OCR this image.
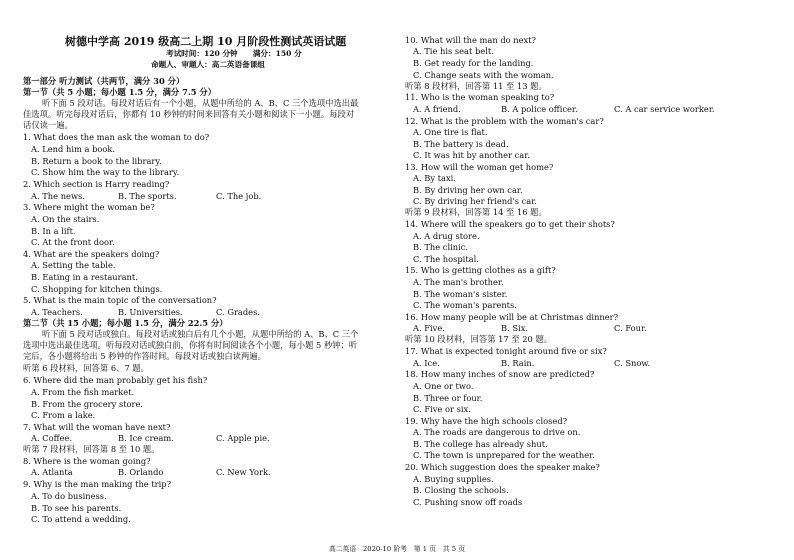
树德中学高 2019 级高二上期 10 月阶段性测试英语试题
考试时间：120 分钟　　满分：150 分
命题人、审题人：高二英语备课组
第一部分 听力测试（共两节，满分 30 分）
第一节（共 5 小题；每小题 1.5 分，满分 7.5 分）
听下面 5 段对话。每段对话后有一个小题，从题中所给的 A、B、C 三个选项中选出最
佳选项。听完每段对话后，你都有 10 秒钟的时间来回答有关小题和阅读下一小题。每段对
话仅读一遍。
1. What does the man ask the woman to do?
A. Lend him a book.
B. Return a book to the library.
C. Show him the way to the library.
2. Which section is Harry reading?
A. The news.	B. The sports.	C. The job.
3. Where might the woman be?
A. On the stairs.
B. In a lift.
C. At the front door.
4. What are the speakers doing?
A. Setting the table.
B. Eating in a restaurant.
C. Shopping for kitchen things.
5. What is the main topic of the conversation?
A. Teachers.	B. Universities.	C. Grades.
第二节（共 15 小题；每小题 1.5 分，满分 22.5 分）
听下面 5 段对话或独白。每段对话或独白后有几个小题，从题中所给的 A、B、C 三个
选项中选出最佳选项。听每段对话或独白前，你将有时间阅读各个小题，每小题 5 秒钟；听
完后，各小题将给出 5 秒钟的作答时间。每段对话或独白读两遍。
听第 6 段材料，回答第 6、7 题。
6. Where did the man probably get his fish?
A. From the fish market.
B. From the grocery store.
C. From a lake.
7. What will the woman have next?
A. Coffee.	B. Ice cream.	C. Apple pie.
听第 7 段材料，回答第 8 至 10 题。
8. Where is the woman going?
A. Atlanta	B. Orlando	C. New York.
9. Why is the man making the trip?
A. To do business.
B. To see his parents.
C. To attend a wedding.
10. What will the man do next?
A. Tie his seat belt.
B. Get ready for the landing.
C. Change seats with the woman.
听第 8 段材料，回答第 11 至 13 题。
11. Who is the woman speaking to?
A. A friend.	B. A police officer.	C. A car service worker.
12. What is the problem with the woman's car?
A. One tire is flat.
B. The battery is dead.
C. It was hit by another car.
13. How will the woman get home?
A. By taxi.
B. By driving her own car.
C. By driving her friend's car.
听第 9 段材料，回答第 14 至 16 题。
14. Where will the speakers go to get their shots?
A. A drug store.
B. The clinic.
C. The hospital.
15. Who is getting clothes as a gift?
A. The man's brother.
B. The woman's sister.
C. The woman's parents.
16. How many people will be at Christmas dinner?
A. Five.	B. Six.	C. Four.
听第 10 段材料，回答第 17 至 20 题。
17. What is expected tonight around five or six?
A. Ice.	B. Rain.	C. Snow.
18. How many inches of snow are predicted?
A. One or two.
B. Three or four.
C. Five or six.
19. Why have the high schools closed?
A. The roads are dangerous to drive on.
B. The college has already shut.
C. The town is unprepared for the weather.
20. Which suggestion does the speaker make?
A. Buying supplies.
B. Closing the schools.
C. Pushing snow off roads
高二英语　2020-10 阶考　第 1 页　共 5 页
